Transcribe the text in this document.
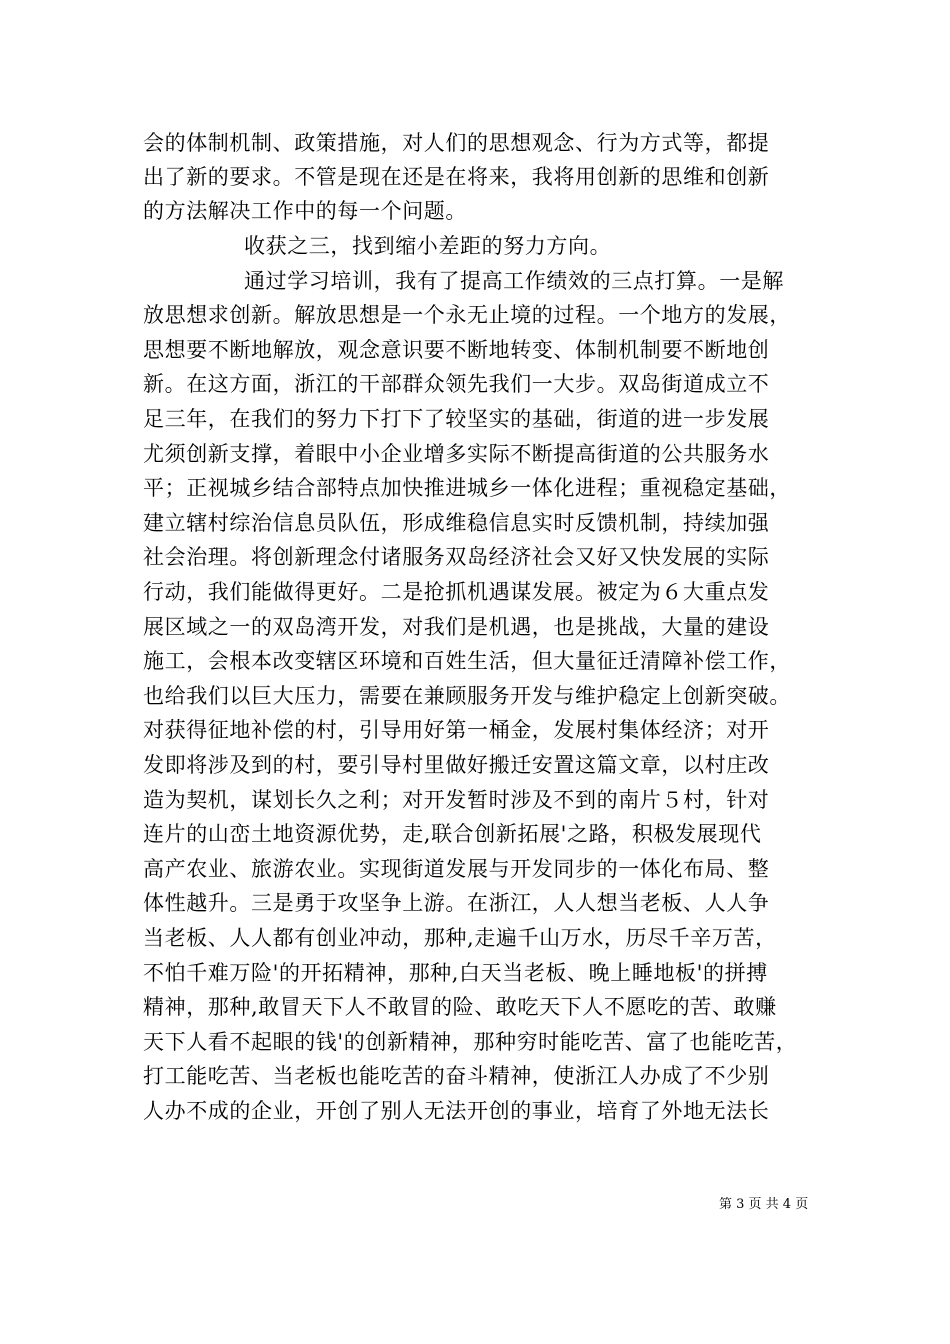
会的体制机制、政策措施，对人们的思想观念、行为方式等，都提
出了新的要求。不管是现在还是在将来，我将用创新的思维和创新
的方法解决工作中的每一个问题。
收获之三，找到缩小差距的努力方向。
通过学习培训，我有了提高工作绩效的三点打算。一是解
放思想求创新。解放思想是一个永无止境的过程。一个地方的发展，
思想要不断地解放，观念意识要不断地转变、体制机制要不断地创
新。在这方面，浙江的干部群众领先我们一大步。双岛街道成立不
足三年，在我们的努力下打下了较坚实的基础，街道的进一步发展
尤须创新支撑，着眼中小企业增多实际不断提高街道的公共服务水
平；正视城乡结合部特点加快推进城乡一体化进程；重视稳定基础，
建立辖村综治信息员队伍，形成维稳信息实时反馈机制，持续加强
社会治理。将创新理念付诸服务双岛经济社会又好又快发展的实际
行动，我们能做得更好。二是抢抓机遇谋发展。被定为６大重点发
展区域之一的双岛湾开发，对我们是机遇，也是挑战，大量的建设
施工，会根本改变辖区环境和百姓生活，但大量征迁清障补偿工作，
也给我们以巨大压力，需要在兼顾服务开发与维护稳定上创新突破。
对获得征地补偿的村，引导用好第一桶金，发展村集体经济；对开
发即将涉及到的村，要引导村里做好搬迁安置这篇文章，以村庄改
造为契机，谋划长久之利；对开发暂时涉及不到的南片５村，针对
连片的山峦土地资源优势，走,联合创新拓展'之路，积极发展现代
高产农业、旅游农业。实现街道发展与开发同步的一体化布局、整
体性越升。三是勇于攻坚争上游。在浙江，人人想当老板、人人争
当老板、人人都有创业冲动，那种,走遍千山万水，历尽千辛万苦，
不怕千难万险'的开拓精神，那种,白天当老板、晚上睡地板'的拼搏
精神，那种,敢冒天下人不敢冒的险、敢吃天下人不愿吃的苦、敢赚
天下人看不起眼的钱'的创新精神，那种穷时能吃苦、富了也能吃苦，
打工能吃苦、当老板也能吃苦的奋斗精神，使浙江人办成了不少别
人办不成的企业，开创了别人无法开创的事业，培育了外地无法长
第 3 页 共 4 页
